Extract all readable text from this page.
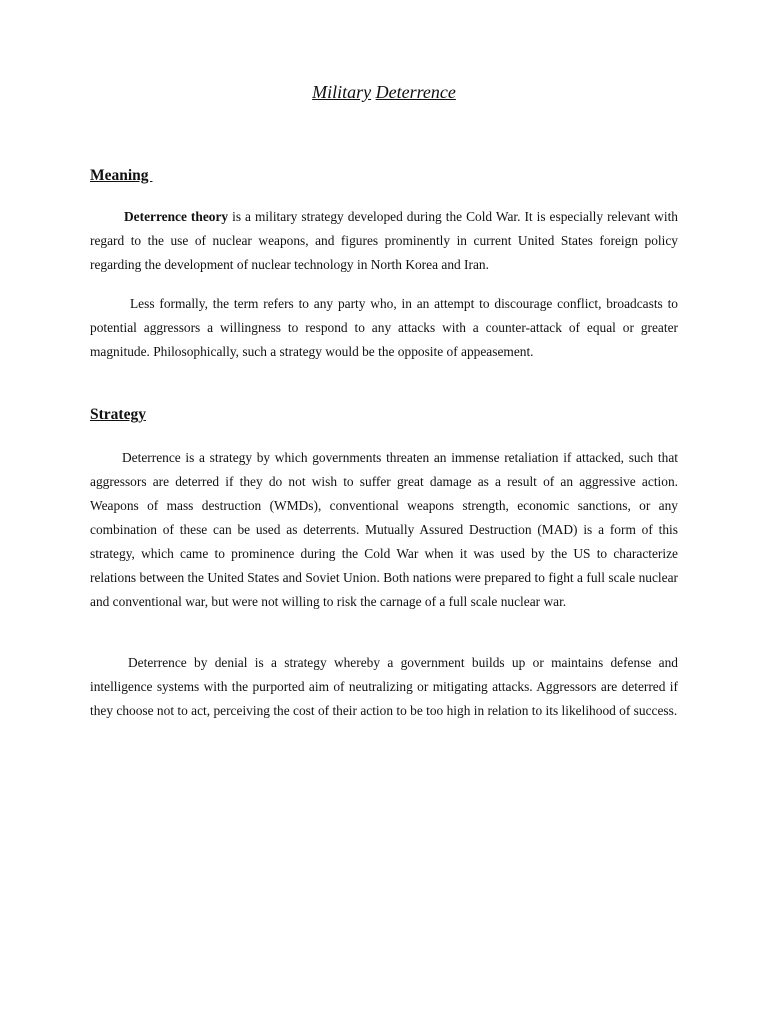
Military Deterrence
Meaning

Deterrence theory is a military strategy developed during the Cold War. It is especially relevant with regard to the use of nuclear weapons, and figures prominently in current United States foreign policy regarding the development of nuclear technology in North Korea and Iran.

Less formally, the term refers to any party who, in an attempt to discourage conflict, broadcasts to potential aggressors a willingness to respond to any attacks with a counter-attack of equal or greater magnitude. Philosophically, such a strategy would be the opposite of appeasement.

Strategy

Deterrence is a strategy by which governments threaten an immense retaliation if attacked, such that aggressors are deterred if they do not wish to suffer great damage as a result of an aggressive action. Weapons of mass destruction (WMDs), conventional weapons strength, economic sanctions, or any combination of these can be used as deterrents. Mutually Assured Destruction (MAD) is a form of this strategy, which came to prominence during the Cold War when it was used by the US to characterize relations between the United States and Soviet Union. Both nations were prepared to fight a full scale nuclear and conventional war, but were not willing to risk the carnage of a full scale nuclear war.

Deterrence by denial is a strategy whereby a government builds up or maintains defense and intelligence systems with the purported aim of neutralizing or mitigating attacks. Aggressors are deterred if they choose not to act, perceiving the cost of their action to be too high in relation to its likelihood of success.
